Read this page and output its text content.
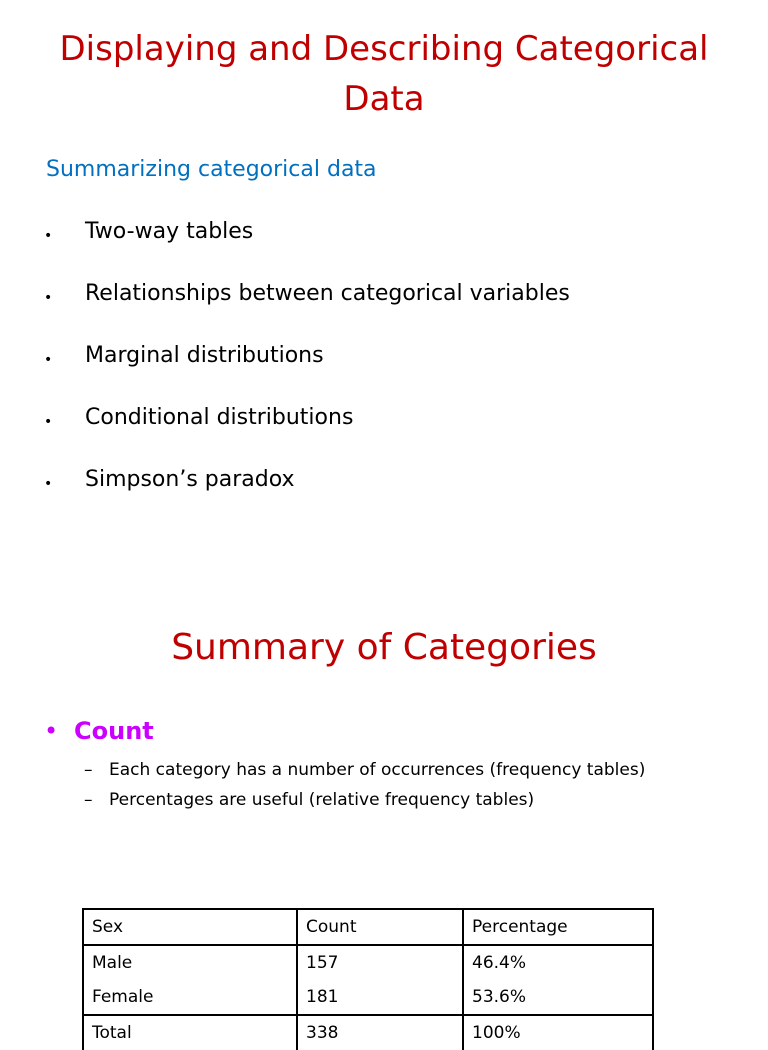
Displaying and Describing Categorical Data
Summarizing categorical data
• Two-way tables
• Relationships between categorical variables
• Marginal distributions
• Conditional distributions
• Simpson’s paradox
Summary of Categories
• Count
– Each category has a number of occurrences (frequency tables)
– Percentages are useful (relative frequency tables)
Sex	Count	Percentage
Male	157	46.4%
Female	181	53.6%
Total	338	100%
